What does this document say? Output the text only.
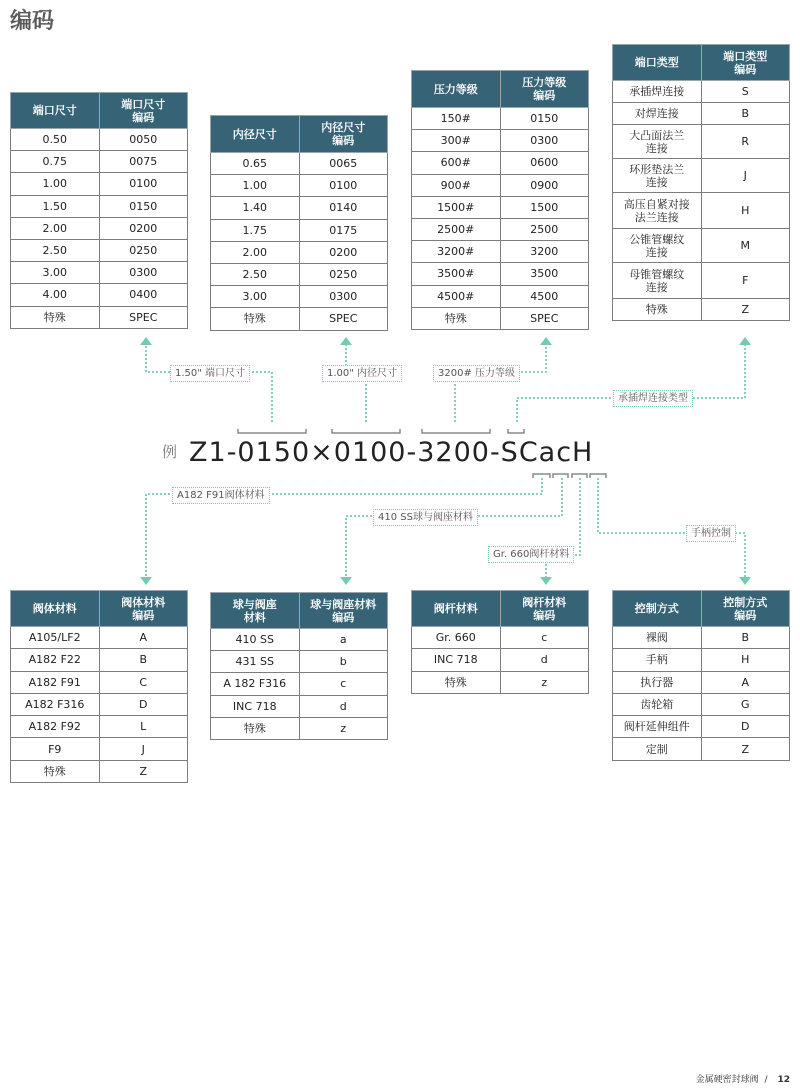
编码
端口尺寸	端口尺寸
编码
0.50	0050
0.75	0075
1.00	0100
1.50	0150
2.00	0200
2.50	0250
3.00	0300
4.00	0400
特殊	SPEC
内径尺寸	内径尺寸
编码
0.65	0065
1.00	0100
1.40	0140
1.75	0175
2.00	0200
2.50	0250
3.00	0300
特殊	SPEC
压力等级	压力等级
编码
150#	0150
300#	0300
600#	0600
900#	0900
1500#	1500
2500#	2500
3200#	3200
3500#	3500
4500#	4500
特殊	SPEC
端口类型	端口类型
编码
承插焊连接	S
对焊连接	B
大凸面法兰
连接	R
环形垫法兰
连接	J
高压自紧对接
法兰连接	H
公锥管螺纹
连接	M
母锥管螺纹
连接	F
特殊	Z
阀体材料	阀体材料
编码
A105/LF2	A
A182 F22	B
A182 F91	C
A182 F316	D
A182 F92	L
F9	J
特殊	Z
球与阀座
材料	球与阀座材料
编码
410 SS	a
431 SS	b
A 182 F316	c
INC 718	d
特殊	z
阀杆材料	阀杆材料
编码
Gr. 660	c
INC 718	d
特殊	z
控制方式	控制方式
编码
裸阀	B
手柄	H
执行器	A
齿轮箱	G
阀杆延伸组件	D
定制	Z
1.50" 端口尺寸	1.00" 内径尺寸	3200# 压力等级
承插焊连接类型
A182 F91阀体材料
410 SS球与阀座材料
Gr. 660阀杆材料
手柄控制
例 Z1-0150×0100-3200-SCacH
金属硬密封球阀 / 12
